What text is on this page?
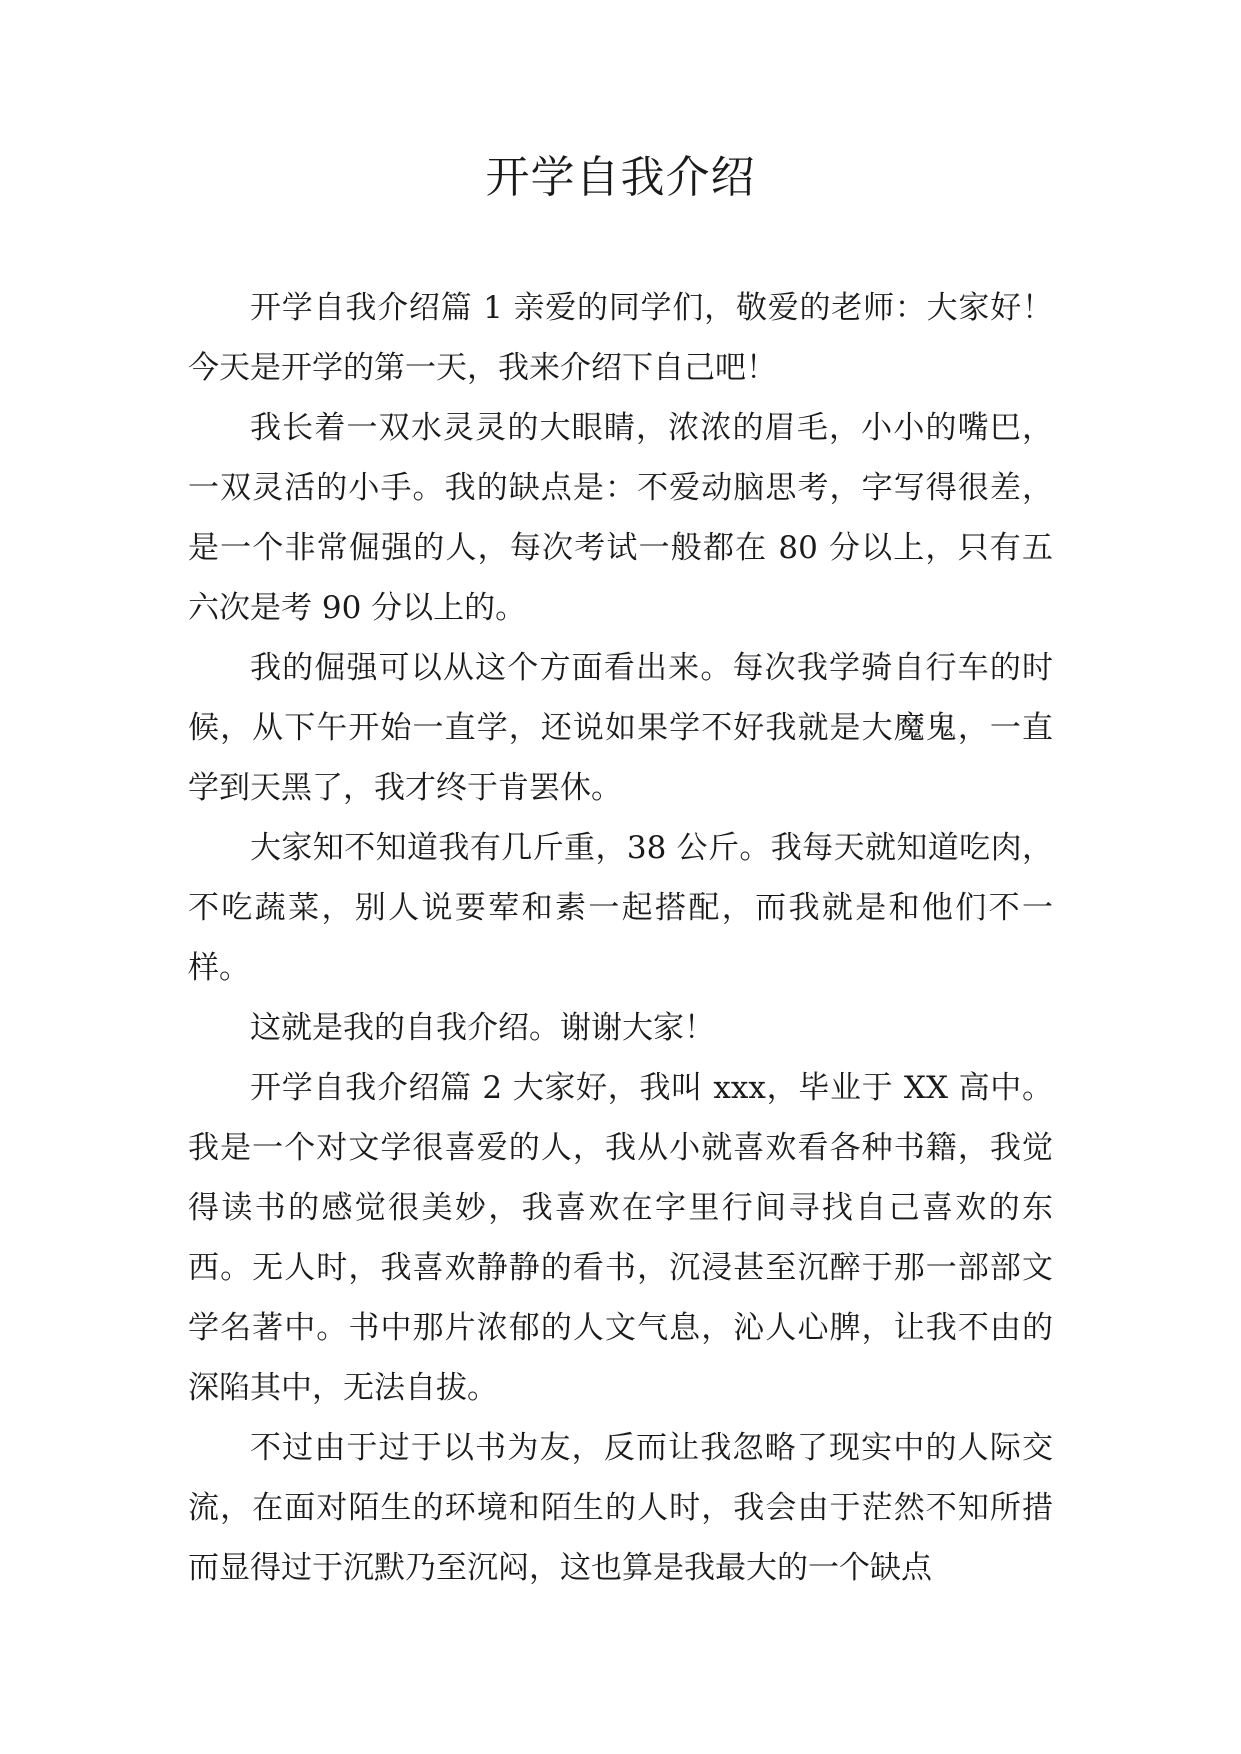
开学自我介绍

开学自我介绍篇 1 亲爱的同学们，敬爱的老师：大家好！今天是开学的第一天，我来介绍下自己吧！

我长着一双水灵灵的大眼睛，浓浓的眉毛，小小的嘴巴，一双灵活的小手。我的缺点是：不爱动脑思考，字写得很差，是一个非常倔强的人，每次考试一般都在 80 分以上，只有五六次是考 90 分以上的。

我的倔强可以从这个方面看出来。每次我学骑自行车的时候，从下午开始一直学，还说如果学不好我就是大魔鬼，一直学到天黑了，我才终于肯罢休。

大家知不知道我有几斤重，38 公斤。我每天就知道吃肉，不吃蔬菜，别人说要荤和素一起搭配，而我就是和他们不一样。

这就是我的自我介绍。谢谢大家！

开学自我介绍篇 2 大家好，我叫 xxx，毕业于 XX 高中。我是一个对文学很喜爱的人，我从小就喜欢看各种书籍，我觉得读书的感觉很美妙，我喜欢在字里行间寻找自己喜欢的东西。无人时，我喜欢静静的看书，沉浸甚至沉醉于那一部部文学名著中。书中那片浓郁的人文气息，沁人心脾，让我不由的深陷其中，无法自拔。

不过由于过于以书为友，反而让我忽略了现实中的人际交流，在面对陌生的环境和陌生的人时，我会由于茫然不知所措而显得过于沉默乃至沉闷，这也算是我最大的一个缺点
